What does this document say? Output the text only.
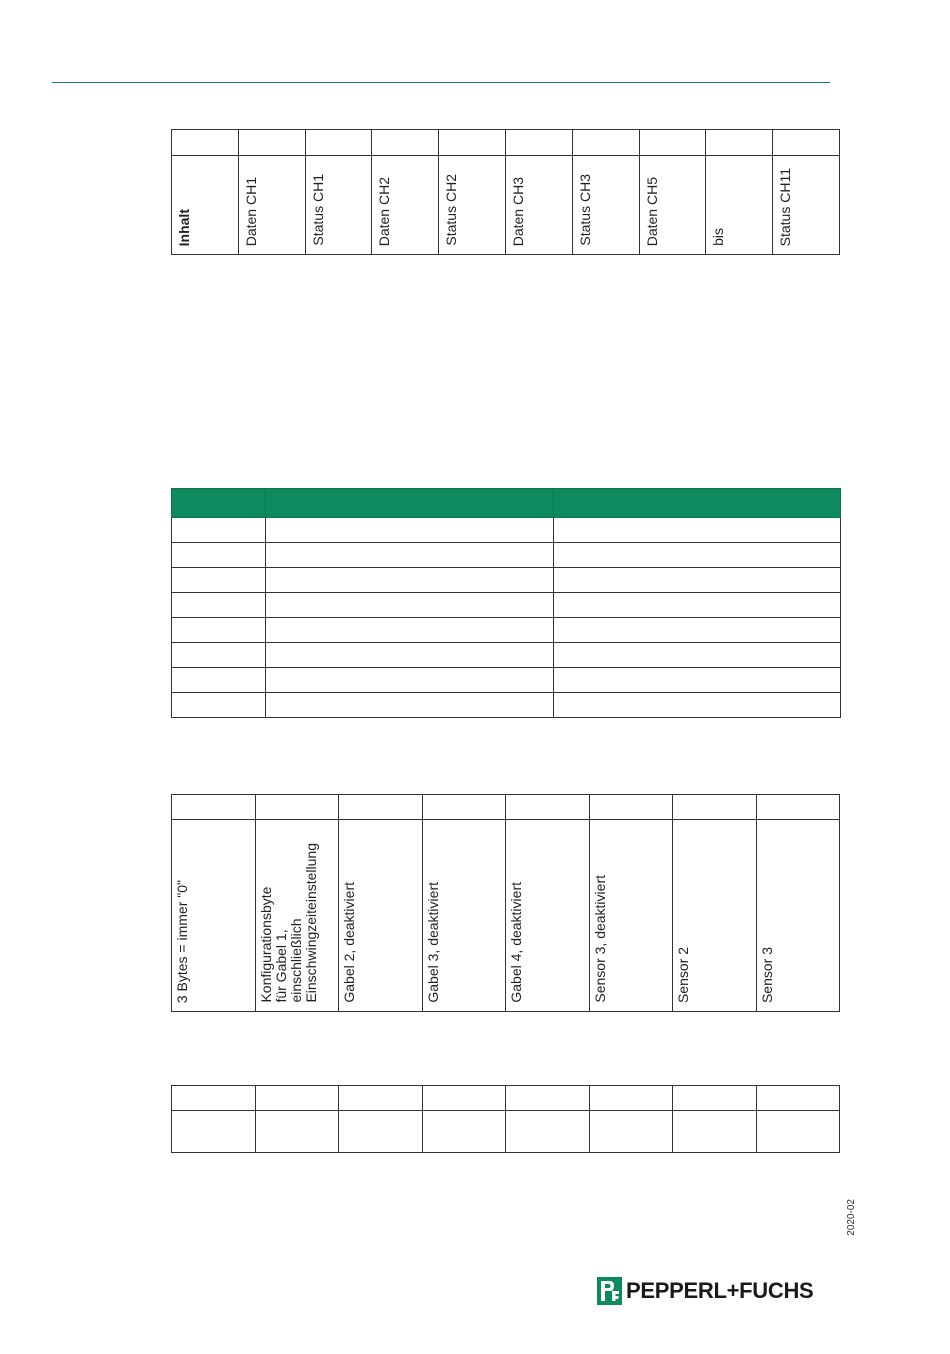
Inhalt	Daten CH1	Status CH1	Daten CH2	Status CH2	Daten CH3	Status CH3	Daten CH5	bis	Status CH11

3 Bytes = immer "0"	Konfigurationsbyte für Gabel 1, einschließlich Einschwingzeiteinstellung	Gabel 2, deaktiviert	Gabel 3, deaktiviert	Gabel 4, deaktiviert	Sensor 3, deaktiviert	Sensor 2	Sensor 3

2020-02
PEPPERL+FUCHS
